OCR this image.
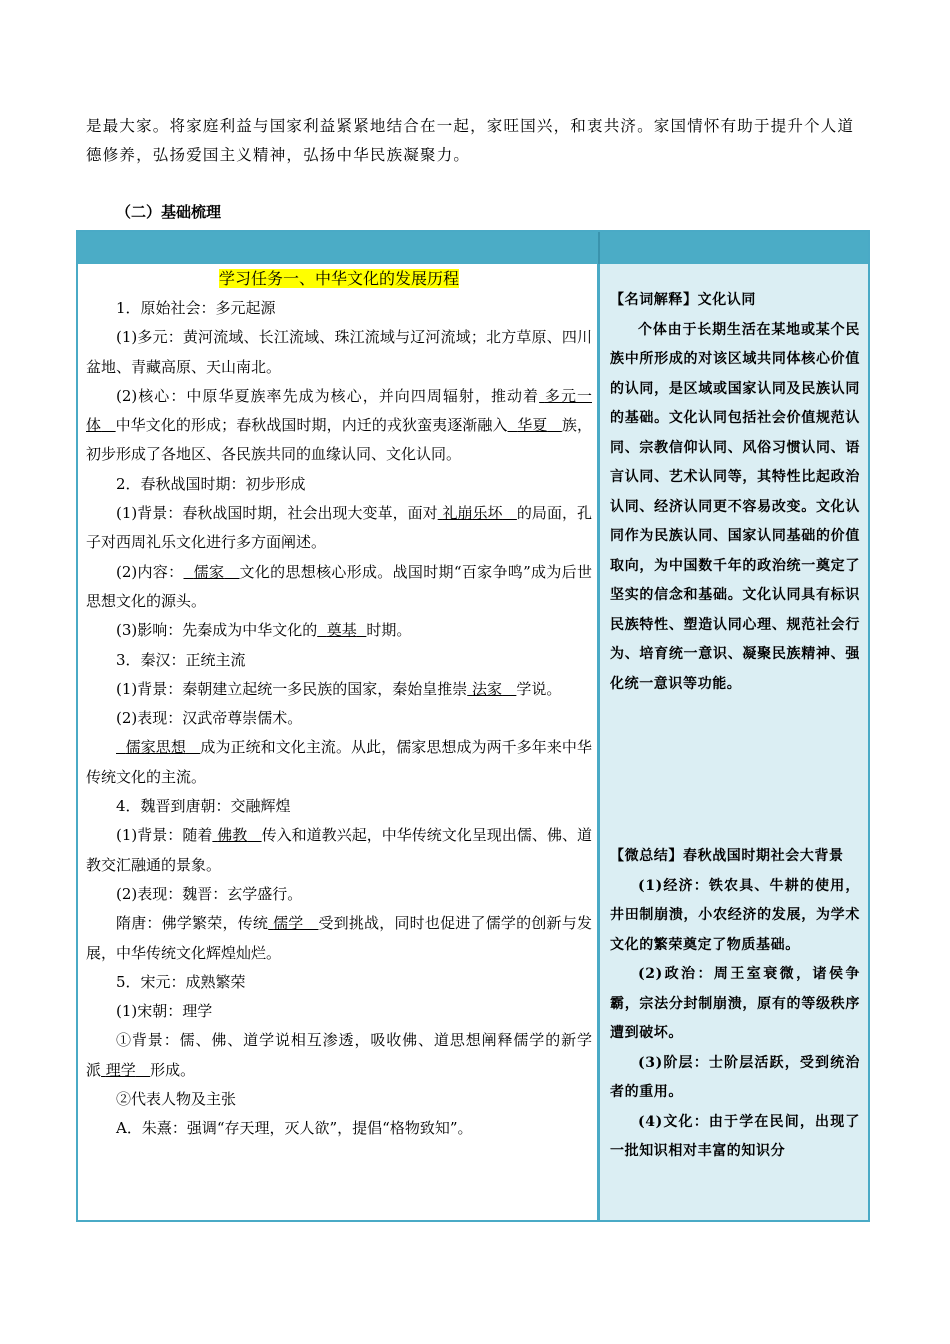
是最大家。将家庭利益与国家利益紧紧地结合在一起，家旺国兴，和衷共济。家国情怀有助于提升个人道德修养，弘扬爱国主义精神，弘扬中华民族凝聚力。
（二）基础梳理

学习任务一、中华文化的发展历程

1．原始社会：多元起源

(1)多元：黄河流域、长江流域、珠江流域与辽河流域；北方草原、四川盆地、青藏高原、天山南北。

(2)核心：中原华夏族率先成为核心，并向四周辐射，推动着 多元一体 中华文化的形成；春秋战国时期，内迁的戎狄蛮夷逐渐融入 华夏 族，初步形成了各地区、各民族共同的血缘认同、文化认同。

2．春秋战国时期：初步形成

(1)背景：春秋战国时期，社会出现大变革，面对 礼崩乐坏 的局面，孔子对西周礼乐文化进行多方面阐述。

(2)内容： 儒家 文化的思想核心形成。战国时期“百家争鸣”成为后世思想文化的源头。

(3)影响：先秦成为中华文化的 奠基 时期。

3．秦汉：正统主流

(1)背景：秦朝建立起统一多民族的国家，秦始皇推崇 法家 学说。

(2)表现：汉武帝尊崇儒术。

儒家思想 成为正统和文化主流。从此，儒家思想成为两千多年来中华传统文化的主流。

4．魏晋到唐朝：交融辉煌

(1)背景：随着 佛教 传入和道教兴起，中华传统文化呈现出儒、佛、道教交汇融通的景象。

(2)表现：魏晋：玄学盛行。

隋唐：佛学繁荣，传统 儒学 受到挑战，同时也促进了儒学的创新与发展，中华传统文化辉煌灿烂。

5．宋元：成熟繁荣

(1)宋朝：理学

①背景：儒、佛、道学说相互渗透，吸收佛、道思想阐释儒学的新学派 理学 形成。

②代表人物及主张

A．朱熹：强调“存天理，灭人欲”，提倡“格物致知”。

【名词解释】文化认同

个体由于长期生活在某地或某个民族中所形成的对该区域共同体核心价值的认同，是区域或国家认同及民族认同的基础。文化认同包括社会价值规范认同、宗教信仰认同、风俗习惯认同、语言认同、艺术认同等，其特性比起政治认同、经济认同更不容易改变。文化认同作为民族认同、国家认同基础的价值取向，为中国数千年的政治统一奠定了坚实的信念和基础。文化认同具有标识民族特性、塑造认同心理、规范社会行为、培育统一意识、凝聚民族精神、强化统一意识等功能。

【微总结】春秋战国时期社会大背景

(1)经济：铁农具、牛耕的使用，井田制崩溃，小农经济的发展，为学术文化的繁荣奠定了物质基础。

(2)政治：周王室衰微，诸侯争霸，宗法分封制崩溃，原有的等级秩序遭到破坏。

(3)阶层：士阶层活跃，受到统治者的重用。

(4)文化：由于学在民间，出现了一批知识相对丰富的知识分
